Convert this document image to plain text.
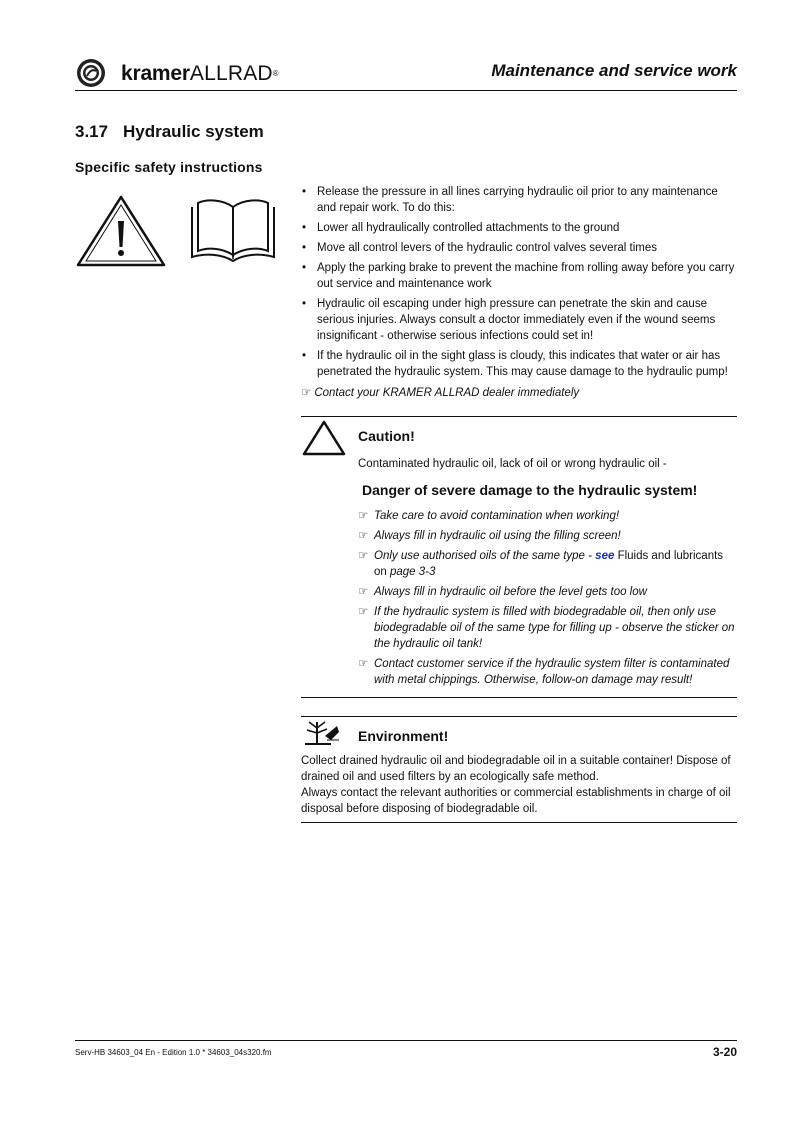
kramerALLRAD®	Maintenance and service work
3.17 Hydraulic system
Specific safety instructions
• Release the pressure in all lines carrying hydraulic oil prior to any maintenance and repair work. To do this:
• Lower all hydraulically controlled attachments to the ground
• Move all control levers of the hydraulic control valves several times
• Apply the parking brake to prevent the machine from rolling away before you carry out service and maintenance work
• Hydraulic oil escaping under high pressure can penetrate the skin and cause serious injuries. Always consult a doctor immediately even if the wound seems insignificant - otherwise serious infections could set in!
• If the hydraulic oil in the sight glass is cloudy, this indicates that water or air has penetrated the hydraulic system. This may cause damage to the hydraulic pump!
☞ Contact your KRAMER ALLRAD dealer immediately
Caution!
Contaminated hydraulic oil, lack of oil or wrong hydraulic oil -
Danger of severe damage to the hydraulic system!
☞ Take care to avoid contamination when working!
☞ Always fill in hydraulic oil using the filling screen!
☞ Only use authorised oils of the same type - see Fluids and lubricants on page 3-3
☞ Always fill in hydraulic oil before the level gets too low
☞ If the hydraulic system is filled with biodegradable oil, then only use biodegradable oil of the same type for filling up - observe the sticker on the hydraulic oil tank!
☞ Contact customer service if the hydraulic system filter is contaminated with metal chippings. Otherwise, follow-on damage may result!
Environment!
Collect drained hydraulic oil and biodegradable oil in a suitable container! Dispose of drained oil and used filters by an ecologically safe method.
Always contact the relevant authorities or commercial establishments in charge of oil disposal before disposing of biodegradable oil.
Serv-HB 34603_04 En - Edition 1.0 * 34603_04s320.fm	3-20
